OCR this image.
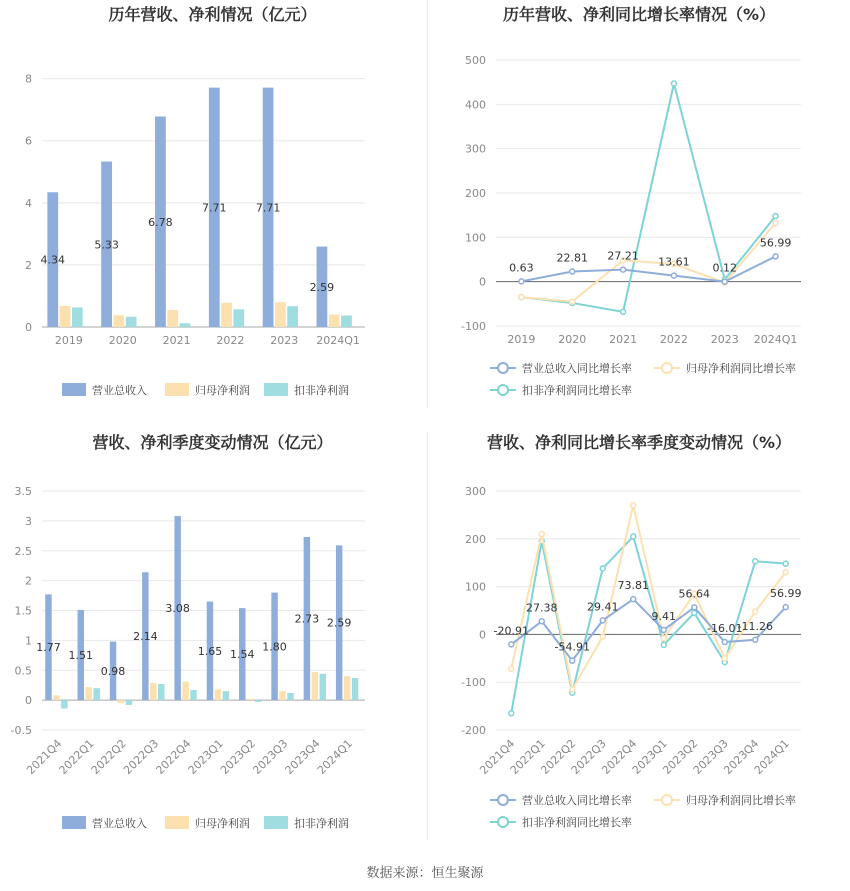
历年营收、净利情况（亿元）
0
2
4
6
8
2019 2020 2021 2022 2023 2024Q1
4.34
5.33
6.78
7.71	7.71
2.59
营业总收入	归母净利润	扣非净利润
历年营收、净利同比增长率情况（%）
-100
0
100
200
300
400
500
2019 2020 2021 2022 2023 2024Q1
0.63
22.81 27.21 13.61 0.12
56.99
营业总收入同比增长率	归母净利润同比增长率
扣非净利润同比增长率
营收、净利季度变动情况（亿元）
-0.5
0
0.5
1
1.5
2
2.5
3
3.5
2021Q4
2022Q1
2022Q2
2022Q3
2022Q4
2023Q1
2023Q2
2023Q3
2023Q4
2024Q1
1.77
1.51
0.98
2.14
3.08
1.65 1.54
1.80
2.73 2.59
营业总收入	归母净利润	扣非净利润
营收、净利同比增长率季度变动情况（%）
-200
-100
0
100
200
300
2021Q4
2022Q1
2022Q2
2022Q3
2022Q4
2023Q1
2023Q2
2023Q3
2023Q4
2024Q1
-20.91
27.38
-54.91
29.41
73.81
9.41
56.64
-16.01
-11.26
56.99
营业总收入同比增长率	归母净利润同比增长率
扣非净利润同比增长率
数据来源：恒生聚源
